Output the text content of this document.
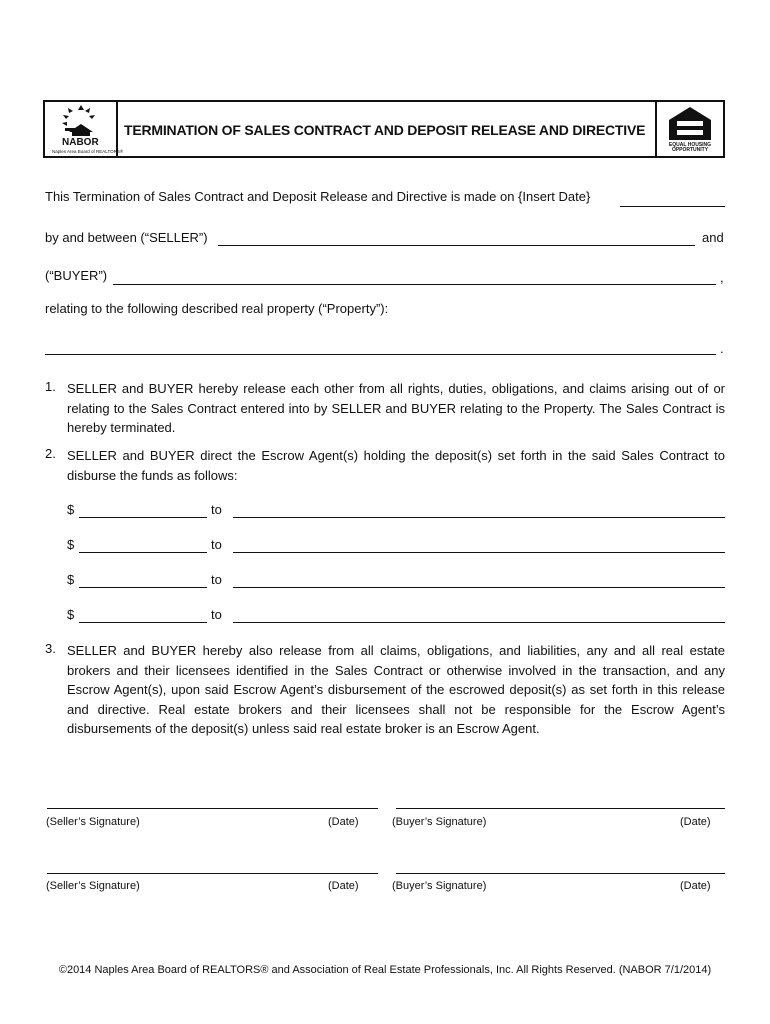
NABOR
Naples Area Board of REALTORS®
TERMINATION OF SALES CONTRACT AND DEPOSIT RELEASE AND DIRECTIVE
EQUAL HOUSING
OPPORTUNITY
This Termination of Sales Contract and Deposit Release and Directive is made on {Insert Date}
by and between (“SELLER”)	and
(“BUYER”)	,
relating to the following described real property (“Property”):
.
1. SELLER and BUYER hereby release each other from all rights, duties, obligations, and claims arising out of or relating to the Sales Contract entered into by SELLER and BUYER relating to the Property. The Sales Contract is hereby terminated.
2. SELLER and BUYER direct the Escrow Agent(s) holding the deposit(s) set forth in the said Sales Contract to disburse the funds as follows:
$	to
$	to
$	to
$	to
3. SELLER and BUYER hereby also release from all claims, obligations, and liabilities, any and all real estate brokers and their licensees identified in the Sales Contract or otherwise involved in the transaction, and any Escrow Agent(s), upon said Escrow Agent’s disbursement of the escrowed deposit(s) as set forth in this release and directive. Real estate brokers and their licensees shall not be responsible for the Escrow Agent’s disbursements of the deposit(s) unless said real estate broker is an Escrow Agent.
(Seller’s Signature)	(Date)	(Buyer’s Signature)	(Date)
(Seller’s Signature)	(Date)	(Buyer’s Signature)	(Date)
©2014 Naples Area Board of REALTORS® and Association of Real Estate Professionals, Inc. All Rights Reserved. (NABOR 7/1/2014)
